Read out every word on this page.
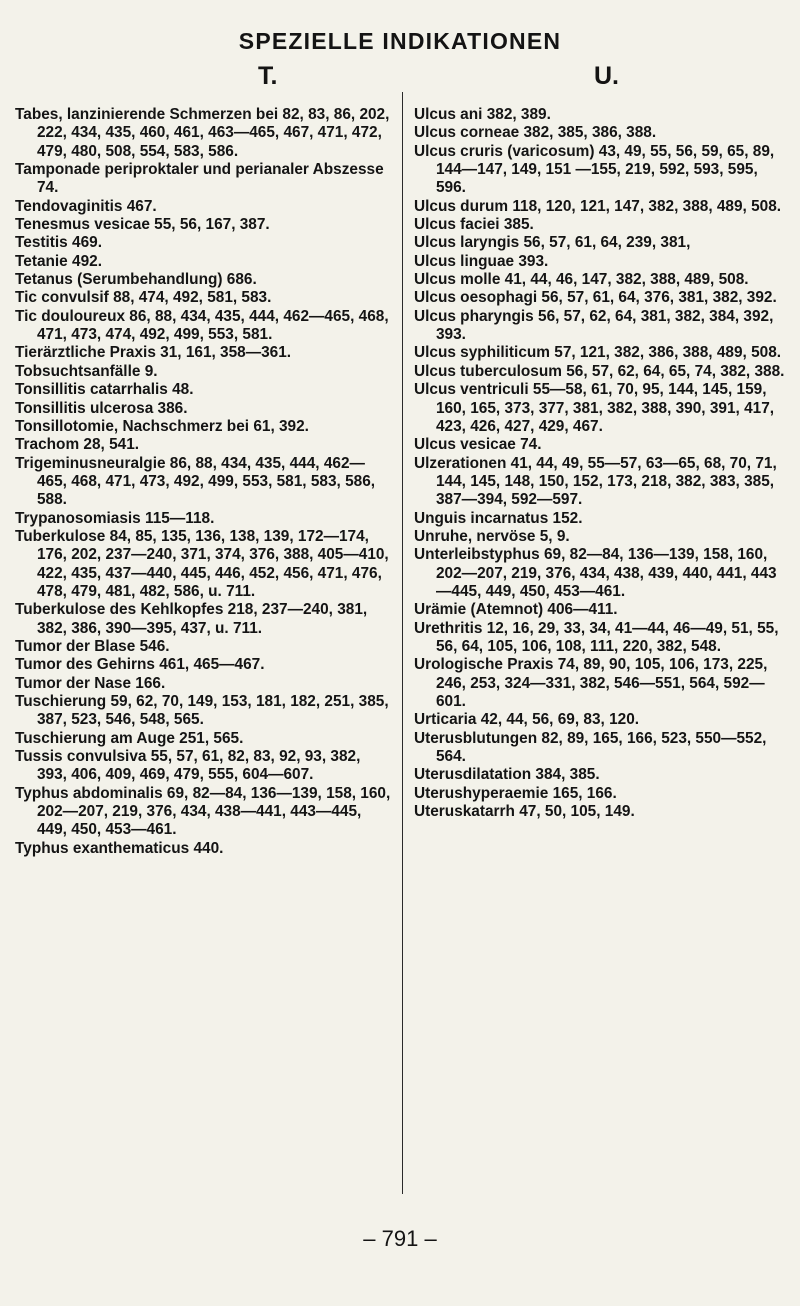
SPEZIELLE INDIKATIONEN
T.	U.
Tabes, lanzinierende Schmerzen bei 82, 83, 86, 202, 222, 434, 435, 460, 461, 463—465, 467, 471, 472, 479, 480, 508, 554, 583, 586.
Tamponade periproktaler und perianaler Abszesse 74.
Tendovaginitis 467.
Tenesmus vesicae 55, 56, 167, 387.
Testitis 469.
Tetanie 492.
Tetanus (Serumbehandlung) 686.
Tic convulsif 88, 474, 492, 581, 583.
Tic douloureux 86, 88, 434, 435, 444, 462—465, 468, 471, 473, 474, 492, 499, 553, 581.
Tierärztliche Praxis 31, 161, 358—361.
Tobsuchtsanfälle 9.
Tonsillitis catarrhalis 48.
Tonsillitis ulcerosa 386.
Tonsillotomie, Nachschmerz bei 61, 392.
Trachom 28, 541.
Trigeminusneuralgie 86, 88, 434, 435, 444, 462—465, 468, 471, 473, 492, 499, 553, 581, 583, 586, 588.
Trypanosomiasis 115—118.
Tuberkulose 84, 85, 135, 136, 138, 139, 172—174, 176, 202, 237—240, 371, 374, 376, 388, 405—410, 422, 435, 437—440, 445, 446, 452, 456, 471, 476, 478, 479, 481, 482, 586, u. 711.
Tuberkulose des Kehlkopfes 218, 237—240, 381, 382, 386, 390—395, 437, u. 711.
Tumor der Blase 546.
Tumor des Gehirns 461, 465—467.
Tumor der Nase 166.
Tuschierung 59, 62, 70, 149, 153, 181, 182, 251, 385, 387, 523, 546, 548, 565.
Tuschierung am Auge 251, 565.
Tussis convulsiva 55, 57, 61, 82, 83, 92, 93, 382, 393, 406, 409, 469, 479, 555, 604—607.
Typhus abdominalis 69, 82—84, 136—139, 158, 160, 202—207, 219, 376, 434, 438—441, 443—445, 449, 450, 453—461.
Typhus exanthematicus 440.
Ulcus ani 382, 389.
Ulcus corneae 382, 385, 386, 388.
Ulcus cruris (varicosum) 43, 49, 55, 56, 59, 65, 89, 144—147, 149, 151 —155, 219, 592, 593, 595, 596.
Ulcus durum 118, 120, 121, 147, 382, 388, 489, 508.
Ulcus faciei 385.
Ulcus laryngis 56, 57, 61, 64, 239, 381,
Ulcus linguae 393.
Ulcus molle 41, 44, 46, 147, 382, 388, 489, 508.
Ulcus oesophagi 56, 57, 61, 64, 376, 381, 382, 392.
Ulcus pharyngis 56, 57, 62, 64, 381, 382, 384, 392, 393.
Ulcus syphiliticum 57, 121, 382, 386, 388, 489, 508.
Ulcus tuberculosum 56, 57, 62, 64, 65, 74, 382, 388.
Ulcus ventriculi 55—58, 61, 70, 95, 144, 145, 159, 160, 165, 373, 377, 381, 382, 388, 390, 391, 417, 423, 426, 427, 429, 467.
Ulcus vesicae 74.
Ulzerationen 41, 44, 49, 55—57, 63—65, 68, 70, 71, 144, 145, 148, 150, 152, 173, 218, 382, 383, 385, 387—394, 592—597.
Unguis incarnatus 152.
Unruhe, nervöse 5, 9.
Unterleibstyphus 69, 82—84, 136—139, 158, 160, 202—207, 219, 376, 434, 438, 439, 440, 441, 443—445, 449, 450, 453—461.
Urämie (Atemnot) 406—411.
Urethritis 12, 16, 29, 33, 34, 41—44, 46—49, 51, 55, 56, 64, 105, 106, 108, 111, 220, 382, 548.
Urologische Praxis 74, 89, 90, 105, 106, 173, 225, 246, 253, 324—331, 382, 546—551, 564, 592—601.
Urticaria 42, 44, 56, 69, 83, 120.
Uterusblutungen 82, 89, 165, 166, 523, 550—552, 564.
Uterusdilatation 384, 385.
Uterushyperaemie 165, 166.
Uteruskatarrh 47, 50, 105, 149.
– 791 –
